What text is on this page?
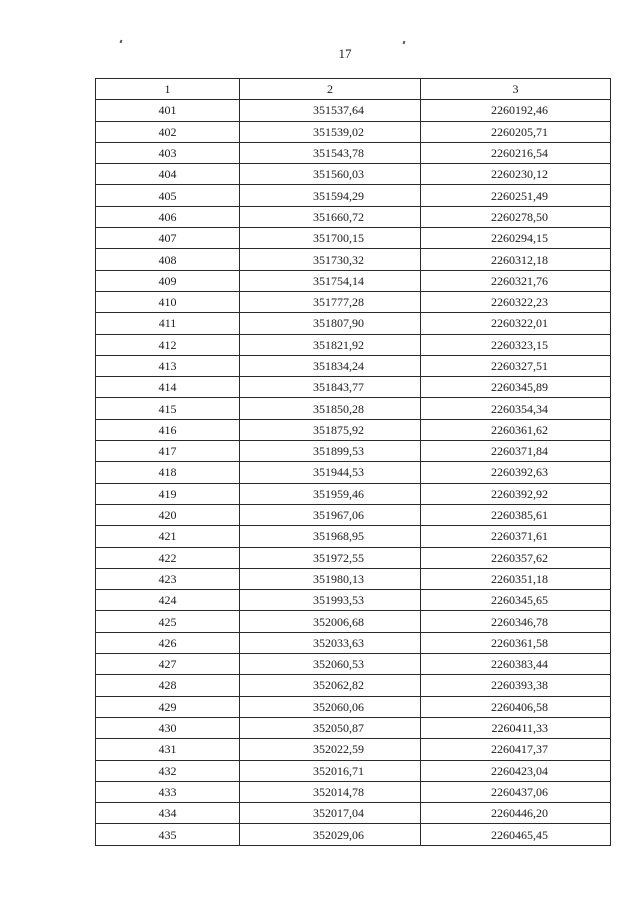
17
1	2	3
401	351537,64	2260192,46
402	351539,02	2260205,71
403	351543,78	2260216,54
404	351560,03	2260230,12
405	351594,29	2260251,49
406	351660,72	2260278,50
407	351700,15	2260294,15
408	351730,32	2260312,18
409	351754,14	2260321,76
410	351777,28	2260322,23
411	351807,90	2260322,01
412	351821,92	2260323,15
413	351834,24	2260327,51
414	351843,77	2260345,89
415	351850,28	2260354,34
416	351875,92	2260361,62
417	351899,53	2260371,84
418	351944,53	2260392,63
419	351959,46	2260392,92
420	351967,06	2260385,61
421	351968,95	2260371,61
422	351972,55	2260357,62
423	351980,13	2260351,18
424	351993,53	2260345,65
425	352006,68	2260346,78
426	352033,63	2260361,58
427	352060,53	2260383,44
428	352062,82	2260393,38
429	352060,06	2260406,58
430	352050,87	2260411,33
431	352022,59	2260417,37
432	352016,71	2260423,04
433	352014,78	2260437,06
434	352017,04	2260446,20
435	352029,06	2260465,45
